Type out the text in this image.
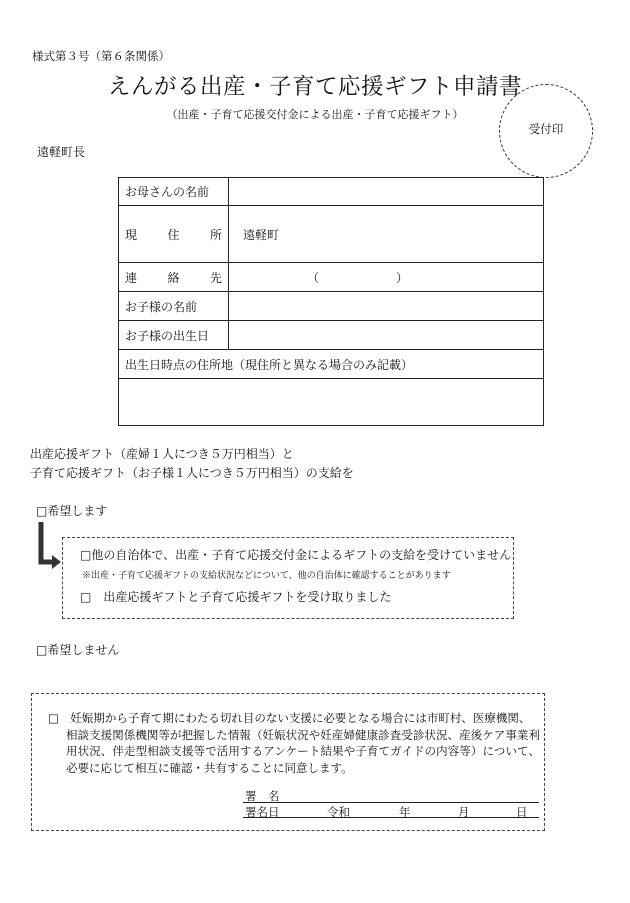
様式第３号（第６条関係）
えんがる出産・子育て応援ギフト申請書
（出産・子育て応援交付金による出産・子育て応援ギフト）
受付印
遠軽町長
お母さんの名前	

現 住 所	遠軽町

連 絡 先	（ ）
お子様の名前	
お子様の出生日	
出生日時点の住所地（現住所と異なる場合のみ記載）	

出産応援ギフト（産婦１人につき５万円相当）と
子育て応援ギフト（お子様１人につき５万円相当）の支給を
□希望します
□他の自治体で、出産・子育て応援交付金によるギフトの支給を受けていません
※出産・子育て応援ギフトの支給状況などについて、他の自治体に確認することがあります
□　出産応援ギフトと子育て応援ギフトを受け取りました
□希望しません
□　妊娠期から子育て期にわたる切れ目のない支援に必要となる場合には市町村、医療機関、
相談支援関係機関等が把握した情報（妊娠状況や妊産婦健康診査受診状況、産後ケア事業利用状況、伴走型相談支援等で活用するアンケート結果や子育てガイドの内容等）について、必要に応じて相互に確認・共有することに同意します。
署　名
署名日	令和	年	月	日
